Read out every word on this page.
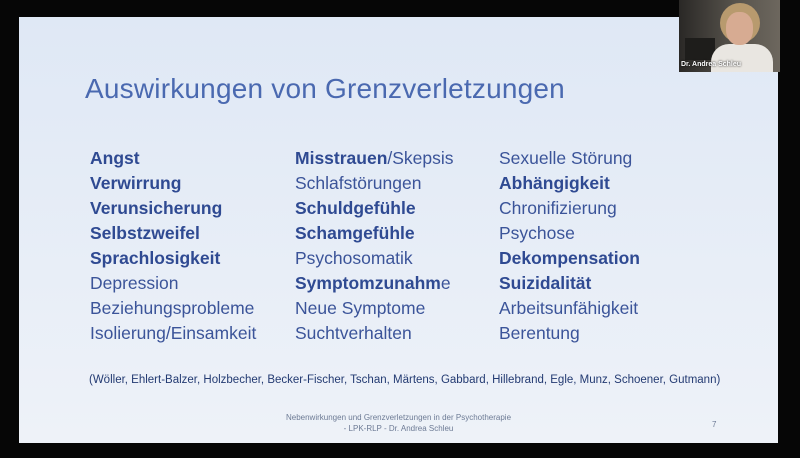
Auswirkungen von Grenzverletzungen
Angst
Verwirrung
Verunsicherung
Selbstzweifel
Sprachlosigkeit
Depression
Beziehungsprobleme
Isolierung/Einsamkeit
Misstrauen/Skepsis
Schlafstörungen
Schuldgefühle
Schamgefühle
Psychosomatik
Symptomzunahme
Neue Symptome
Suchtverhalten
Sexuelle Störung
Abhängigkeit
Chronifizierung
Psychose
Dekompensation
Suizidalität
Arbeitsunfähigkeit
Berentung
(Wöller, Ehlert-Balzer, Holzbecher, Becker-Fischer, Tschan, Märtens, Gabbard, Hillebrand, Egle, Munz, Schoener, Gutmann)
Nebenwirkungen und Grenzverletzungen in der Psychotherapie
- LPK-RLP - Dr. Andrea Schleu	7
Dr. Andrea Schleu
